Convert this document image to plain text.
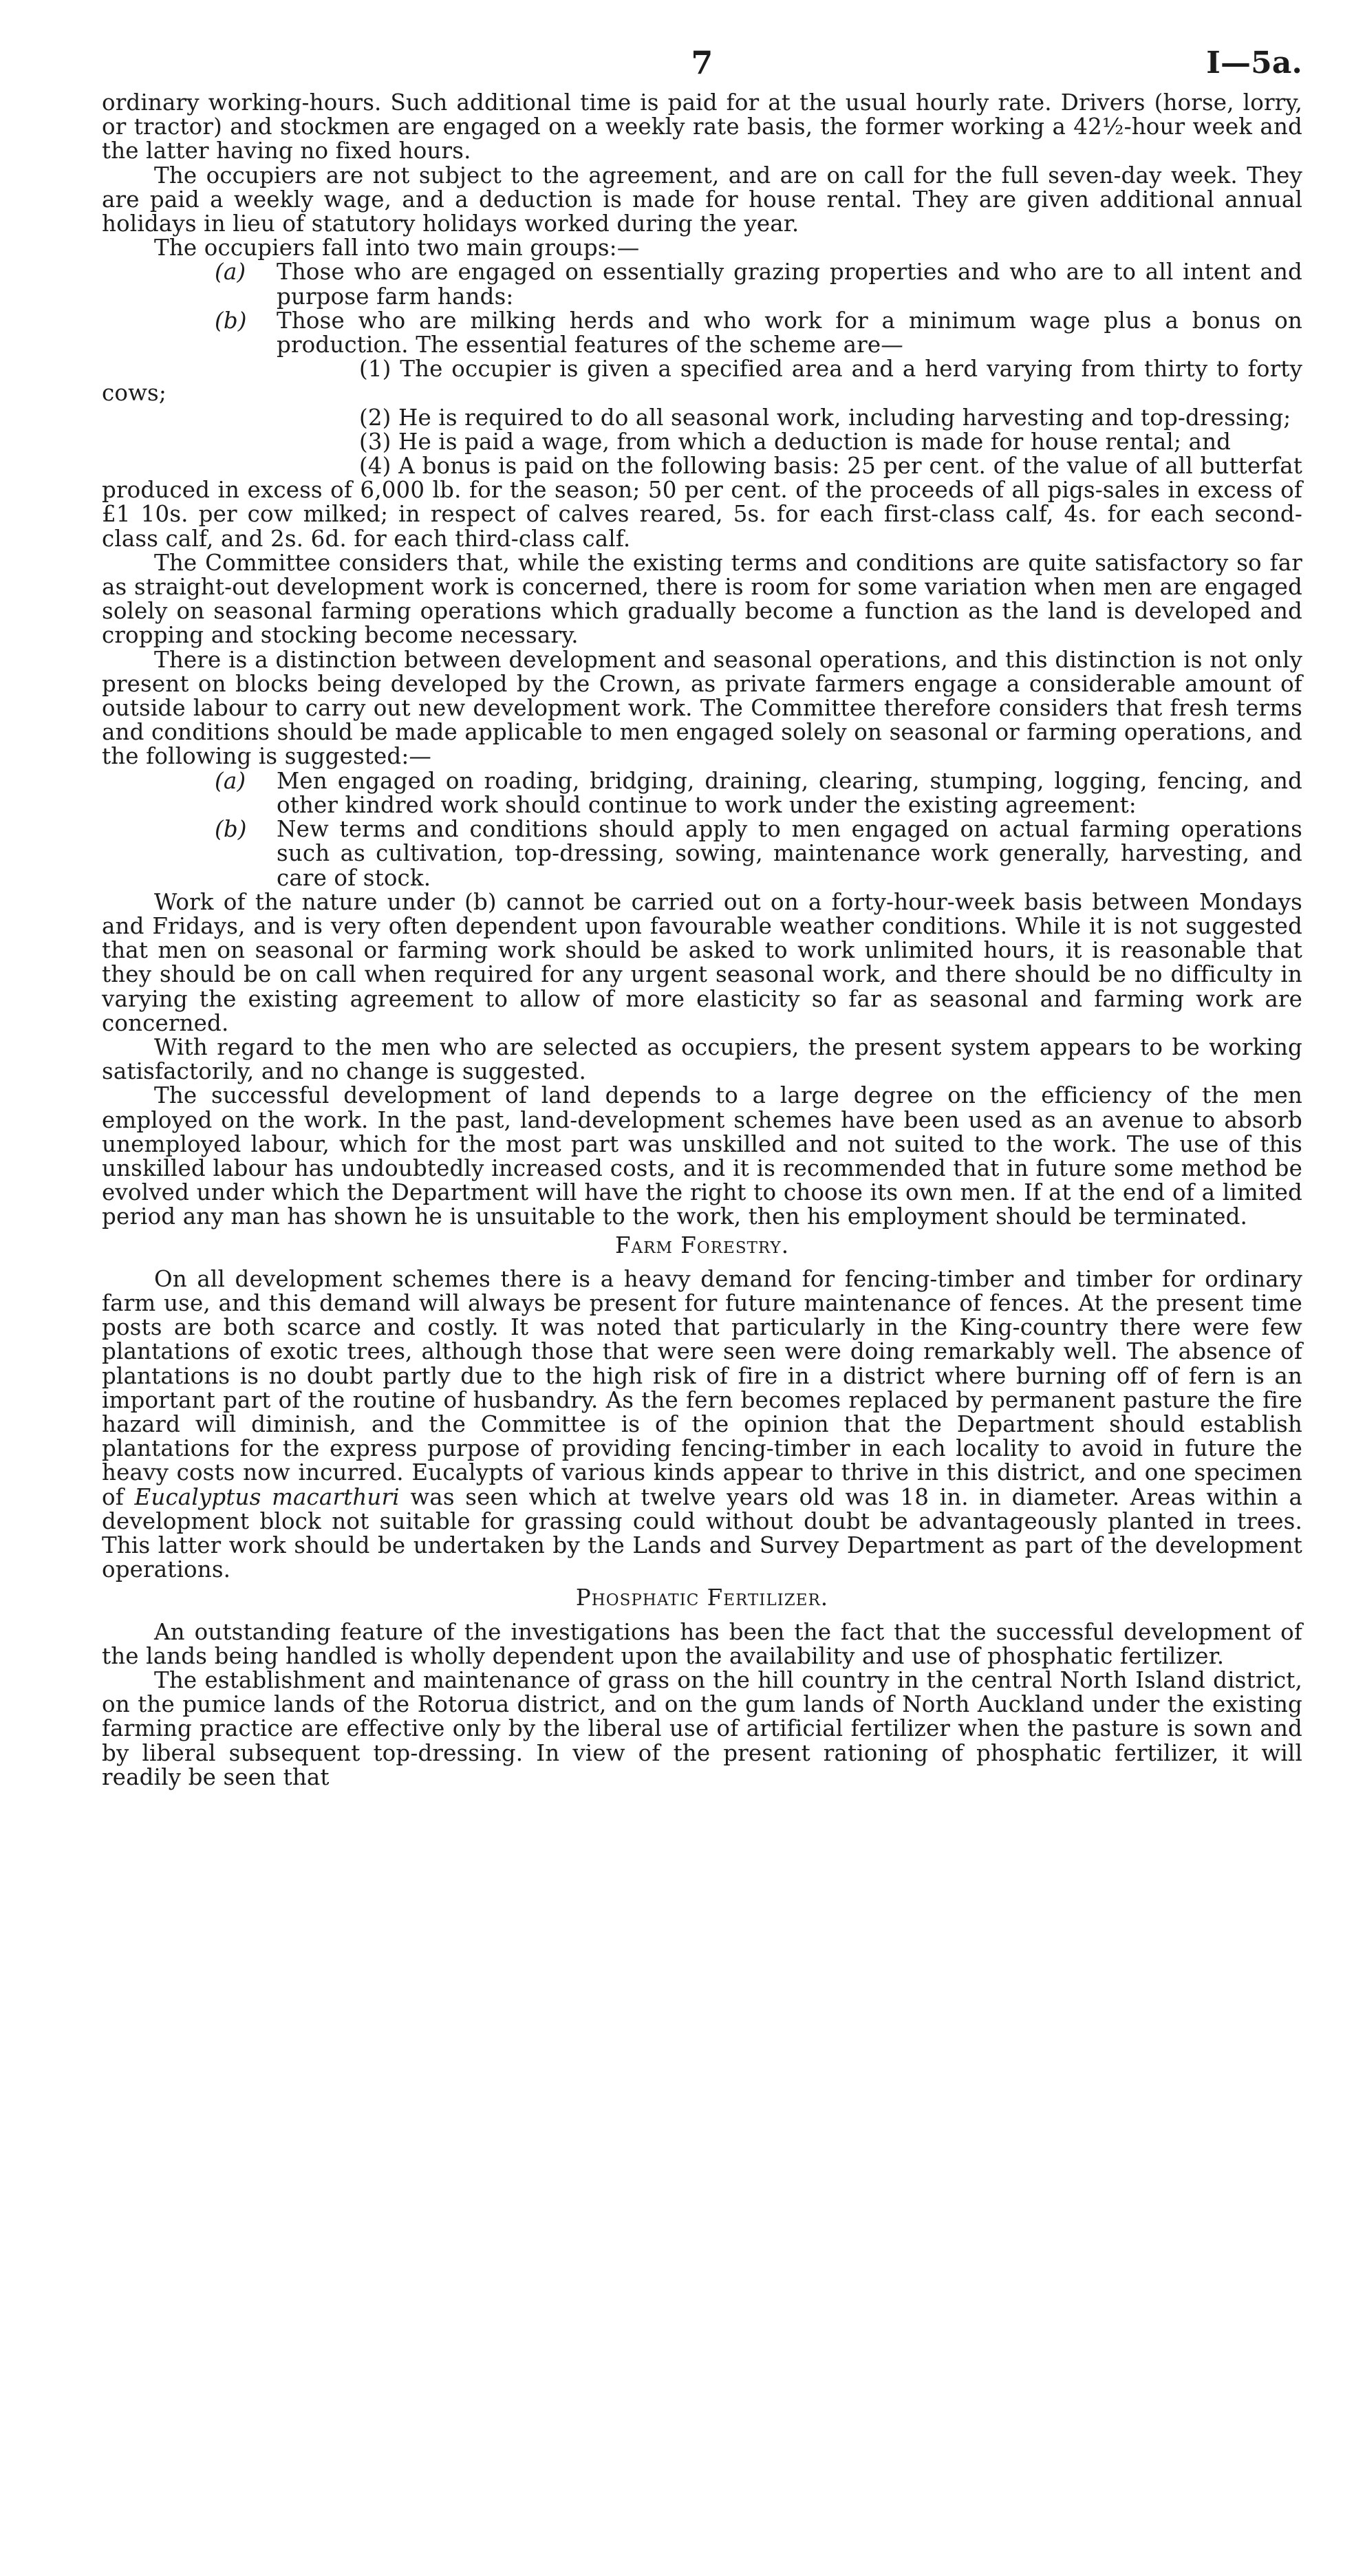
7	I—5a.

ordinary working-hours. Such additional time is paid for at the usual hourly rate. Drivers (horse, lorry, or tractor) and stockmen are engaged on a weekly rate basis, the former working a 42½-hour week and the latter having no fixed hours.

The occupiers are not subject to the agreement, and are on call for the full seven-day week. They are paid a weekly wage, and a deduction is made for house rental. They are given additional annual holidays in lieu of statutory holidays worked during the year.

The occupiers fall into two main groups:—

(a) Those who are engaged on essentially grazing properties and who are to all intent and purpose farm hands:
(b) Those who are milking herds and who work for a minimum wage plus a bonus on production. The essential features of the scheme are—

(1) The occupier is given a specified area and a herd varying from thirty to forty cows;

(2) He is required to do all seasonal work, including harvesting and top-dressing;

(3) He is paid a wage, from which a deduction is made for house rental; and

(4) A bonus is paid on the following basis: 25 per cent. of the value of all butterfat produced in excess of 6,000 lb. for the season; 50 per cent. of the proceeds of all pigs-sales in excess of £1 10s. per cow milked; in respect of calves reared, 5s. for each first-class calf, 4s. for each second-class calf, and 2s. 6d. for each third-class calf.

The Committee considers that, while the existing terms and conditions are quite satisfactory so far as straight-out development work is concerned, there is room for some variation when men are engaged solely on seasonal farming operations which gradually become a function as the land is developed and cropping and stocking become necessary.

There is a distinction between development and seasonal operations, and this distinction is not only present on blocks being developed by the Crown, as private farmers engage a considerable amount of outside labour to carry out new development work. The Committee therefore considers that fresh terms and conditions should be made applicable to men engaged solely on seasonal or farming operations, and the following is suggested:—

(a) Men engaged on roading, bridging, draining, clearing, stumping, logging, fencing, and other kindred work should continue to work under the existing agreement:
(b) New terms and conditions should apply to men engaged on actual farming operations such as cultivation, top-dressing, sowing, maintenance work generally, harvesting, and care of stock.

Work of the nature under (b) cannot be carried out on a forty-hour-week basis between Mondays and Fridays, and is very often dependent upon favourable weather conditions. While it is not suggested that men on seasonal or farming work should be asked to work unlimited hours, it is reasonable that they should be on call when required for any urgent seasonal work, and there should be no difficulty in varying the existing agreement to allow of more elasticity so far as seasonal and farming work are concerned.

With regard to the men who are selected as occupiers, the present system appears to be working satisfactorily, and no change is suggested.

The successful development of land depends to a large degree on the efficiency of the men employed on the work. In the past, land-development schemes have been used as an avenue to absorb unemployed labour, which for the most part was unskilled and not suited to the work. The use of this unskilled labour has undoubtedly increased costs, and it is recommended that in future some method be evolved under which the Department will have the right to choose its own men. If at the end of a limited period any man has shown he is unsuitable to the work, then his employment should be terminated.

Farm Forestry.

On all development schemes there is a heavy demand for fencing-timber and timber for ordinary farm use, and this demand will always be present for future maintenance of fences. At the present time posts are both scarce and costly. It was noted that particularly in the King-country there were few plantations of exotic trees, although those that were seen were doing remarkably well. The absence of plantations is no doubt partly due to the high risk of fire in a district where burning off of fern is an important part of the routine of husbandry. As the fern becomes replaced by permanent pasture the fire hazard will diminish, and the Committee is of the opinion that the Department should establish plantations for the express purpose of providing fencing-timber in each locality to avoid in future the heavy costs now incurred. Eucalypts of various kinds appear to thrive in this district, and one specimen of Eucalyptus macarthuri was seen which at twelve years old was 18 in. in diameter. Areas within a development block not suitable for grassing could without doubt be advantageously planted in trees. This latter work should be undertaken by the Lands and Survey Department as part of the development operations.

Phosphatic Fertilizer.

An outstanding feature of the investigations has been the fact that the successful development of the lands being handled is wholly dependent upon the availability and use of phosphatic fertilizer.

The establishment and maintenance of grass on the hill country in the central North Island district, on the pumice lands of the Rotorua district, and on the gum lands of North Auckland under the existing farming practice are effective only by the liberal use of artificial fertilizer when the pasture is sown and by liberal subsequent top-dressing. In view of the present rationing of phosphatic fertilizer, it will readily be seen that
